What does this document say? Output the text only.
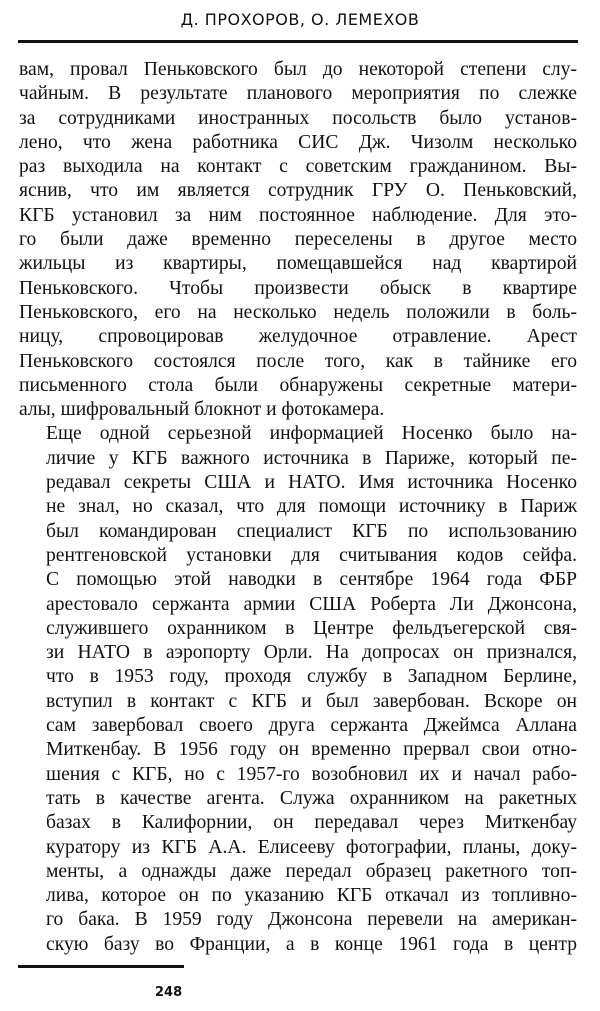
Д. ПРОХОРОВ, О. ЛЕМЕХОВ
вам, провал Пеньковского был до некоторой степени слу-
чайным. В результате планового мероприятия по слежке
за сотрудниками иностранных посольств было установ-
лено, что жена работника СИС Дж. Чизолм несколько
раз выходила на контакт с советским гражданином. Вы-
яснив, что им является сотрудник ГРУ О. Пеньковский,
КГБ установил за ним постоянное наблюдение. Для это-
го были даже временно переселены в другое место
жильцы из квартиры, помещавшейся над квартирой
Пеньковского. Чтобы произвести обыск в квартире
Пеньковского, его на несколько недель положили в боль-
ницу, спровоцировав желудочное отравление. Арест
Пеньковского состоялся после того, как в тайнике его
письменного стола были обнаружены секретные матери-
алы, шифровальный блокнот и фотокамера.
Еще одной серьезной информацией Носенко было на-
личие у КГБ важного источника в Париже, который пе-
редавал секреты США и НАТО. Имя источника Носенко
не знал, но сказал, что для помощи источнику в Париж
был командирован специалист КГБ по использованию
рентгеновской установки для считывания кодов сейфа.
С помощью этой наводки в сентябре 1964 года ФБР
арестовало сержанта армии США Роберта Ли Джонсона,
служившего охранником в Центре фельдъегерской свя-
зи НАТО в аэропорту Орли. На допросах он признался,
что в 1953 году, проходя службу в Западном Берлине,
вступил в контакт с КГБ и был завербован. Вскоре он
сам завербовал своего друга сержанта Джеймса Аллана
Миткенбау. В 1956 году он временно прервал свои отно-
шения с КГБ, но с 1957-го возобновил их и начал рабо-
тать в качестве агента. Служа охранником на ракетных
базах в Калифорнии, он передавал через Миткенбау
куратору из КГБ А.А. Елисееву фотографии, планы, доку-
менты, а однажды даже передал образец ракетного топ-
лива, которое он по указанию КГБ откачал из топливно-
го бака. В 1959 году Джонсона перевели на американ-
скую базу во Франции, а в конце 1961 года в центр
248
